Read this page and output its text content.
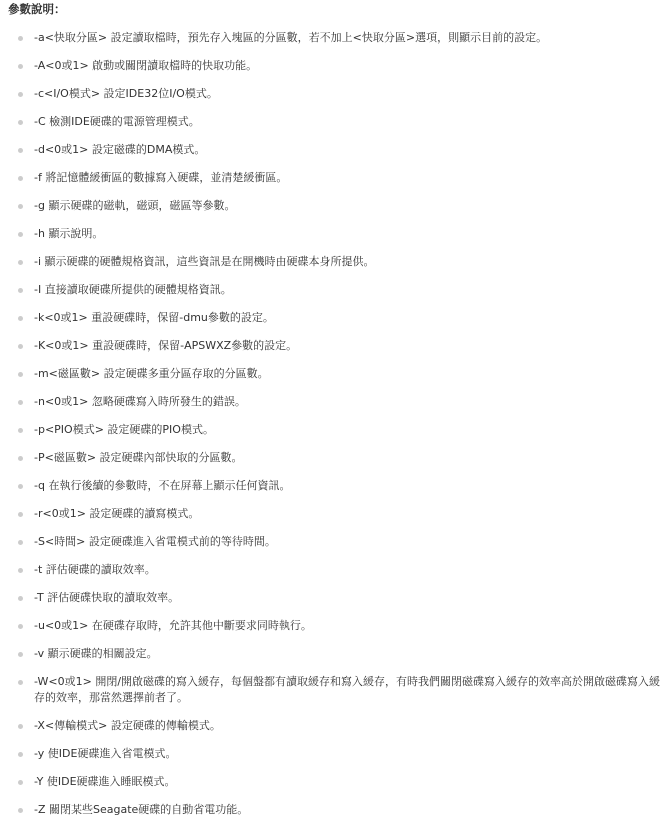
參數說明：
-a<快取分區> 設定讀取檔時，預先存入塊區的分區數，若不加上<快取分區>選項，則顯示目前的設定。
-A<0或1> 啟動或關閉讀取檔時的快取功能。
-c<I/O模式> 設定IDE32位I/O模式。
-C 檢測IDE硬碟的電源管理模式。
-d<0或1> 設定磁碟的DMA模式。
-f 將記憶體緩衝區的數據寫入硬碟，並清楚緩衝區。
-g 顯示硬碟的磁軌，磁頭，磁區等參數。
-h 顯示說明。
-i 顯示硬碟的硬體規格資訊，這些資訊是在開機時由硬碟本身所提供。
-I 直接讀取硬碟所提供的硬體規格資訊。
-k<0或1> 重設硬碟時，保留-dmu參數的設定。
-K<0或1> 重設硬碟時，保留-APSWXZ參數的設定。
-m<磁區數> 設定硬碟多重分區存取的分區數。
-n<0或1> 忽略硬碟寫入時所發生的錯誤。
-p<PIO模式> 設定硬碟的PIO模式。
-P<磁區數> 設定硬碟內部快取的分區數。
-q 在執行後續的參數時，不在屏幕上顯示任何資訊。
-r<0或1> 設定硬碟的讀寫模式。
-S<時間> 設定硬碟進入省電模式前的等待時間。
-t 評估硬碟的讀取效率。
-T 評估硬碟快取的讀取效率。
-u<0或1> 在硬碟存取時，允許其他中斷要求同時執行。
-v 顯示硬碟的相關設定。
-W<0或1> 開閉/開啟磁碟的寫入緩存，每個盤都有讀取緩存和寫入緩存，有時我們關閉磁碟寫入緩存的效率高於開啟磁碟寫入緩存的效率，那當然選擇前者了。
-X<傳輸模式> 設定硬碟的傳輸模式。
-y 使IDE硬碟進入省電模式。
-Y 使IDE硬碟進入睡眠模式。
-Z 關閉某些Seagate硬碟的自動省電功能。
